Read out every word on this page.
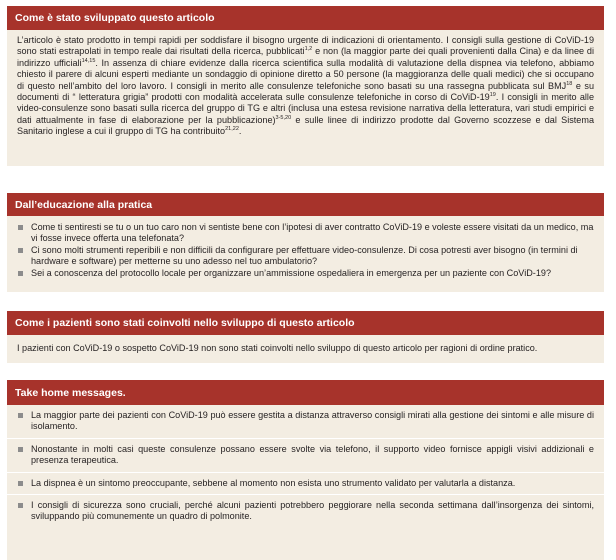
Come è stato sviluppato questo articolo

L’articolo è stato prodotto in tempi rapidi per soddisfare il bisogno urgente di indicazioni di orientamento. I consigli sulla gestione di CoViD-19 sono stati estrapolati in tempo reale dai risultati della ricerca, pubblicati$^{1,2}$ e non (la maggior parte dei quali provenienti dalla Cina) e da linee di indirizzo ufficiali$^{14,15}$. In assenza di chiare evidenze dalla ricerca scientifica sulla modalità di valutazione della dispnea via telefono, abbiamo chiesto il parere di alcuni esperti mediante un sondaggio di opinione diretto a 50 persone (la maggioranza delle quali medici) che si occupano di questo nell’ambito del loro lavoro. I consigli in merito alle consulenze telefoniche sono basati su una rassegna pubblicata sul BMJ$^{18}$ e su documenti di “ letteratura grigia” prodotti con modalità accelerata sulle consulenze telefoniche in corso di CoViD-$19^{19}$. I consigli in merito alle video-consulenze sono basati sulla ricerca del gruppo di TG e altri (inclusa una estesa revisione narrativa della letteratura, vari studi empirici e dati attualmente in fase di elaborazione per la pubblicazione)$^{3-5,20}$ e sulle linee di indirizzo prodotte dal Governo scozzese e dal Sistema Sanitario inglese a cui il gruppo di TG ha contribuito$^{21,22}$.

Dall’educazione alla pratica
Come ti sentiresti se tu o un tuo caro non vi sentiste bene con l’ipotesi di aver contratto CoViD-19 e voleste essere visitati da un medico, ma vi fosse invece offerta una telefonata?
Ci sono molti strumenti reperibili e non difficili da configurare per effettuare video-consulenze. Di cosa potresti aver bisogno (in termini di hardware e software) per metterne su uno adesso nel tuo ambulatorio?
Sei a conoscenza del protocollo locale per organizzare un’ammissione ospedaliera in emergenza per un paziente con CoViD-19?
Come i pazienti sono stati coinvolti nello sviluppo di questo articolo

I pazienti con CoViD-19 o sospetto CoViD-19 non sono stati coinvolti nello sviluppo di questo articolo per ragioni di ordine pratico.

Take home messages.
La maggior parte dei pazienti con CoViD-19 può essere gestita a distanza attraverso consigli mirati alla gestione dei sintomi e alle misure di isolamento.
Nonostante in molti casi queste consulenze possano essere svolte via telefono, il supporto video fornisce appigli visivi addizionali e presenza terapeutica.
La dispnea è un sintomo preoccupante, sebbene al momento non esista uno strumento validato per valutarla a distanza.
I consigli di sicurezza sono cruciali, perché alcuni pazienti potrebbero peggiorare nella seconda settimana dall’insorgenza dei sintomi, sviluppando più comunemente un quadro di polmonite.
